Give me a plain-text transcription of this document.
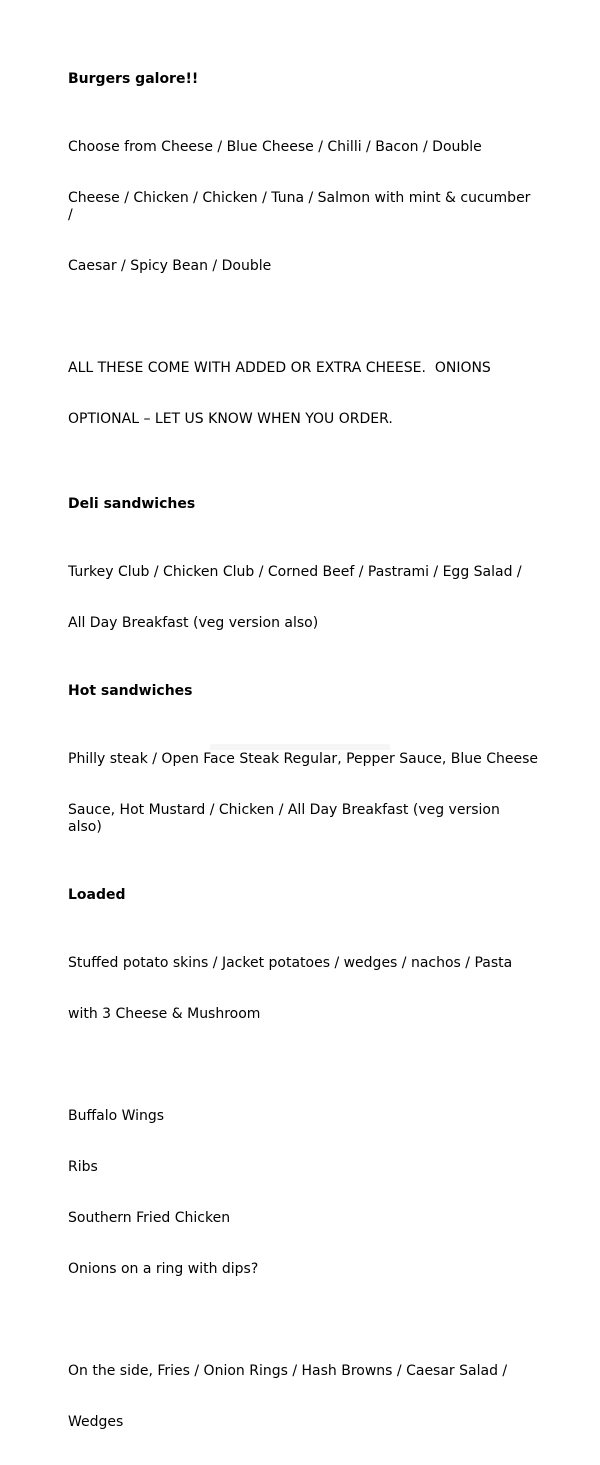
Burgers galore!!

Choose from Cheese / Blue Cheese / Chilli / Bacon / Double

Cheese / Chicken / Chicken / Tuna / Salmon with mint & cucumber /

Caesar / Spicy Bean / Double

ALL THESE COME WITH ADDED OR EXTRA CHEESE.  ONIONS

OPTIONAL – LET US KNOW WHEN YOU ORDER.

Deli sandwiches

Turkey Club / Chicken Club / Corned Beef / Pastrami / Egg Salad /

All Day Breakfast (veg version also)

Hot sandwiches

Philly steak / Open Face Steak Regular, Pepper Sauce, Blue Cheese

Sauce, Hot Mustard / Chicken / All Day Breakfast (veg version also)

Loaded

Stuffed potato skins / Jacket potatoes / wedges / nachos / Pasta

with 3 Cheese & Mushroom

Buffalo Wings

Ribs

Southern Fried Chicken

Onions on a ring with dips?

On the side, Fries / Onion Rings / Hash Browns / Caesar Salad /

Wedges
